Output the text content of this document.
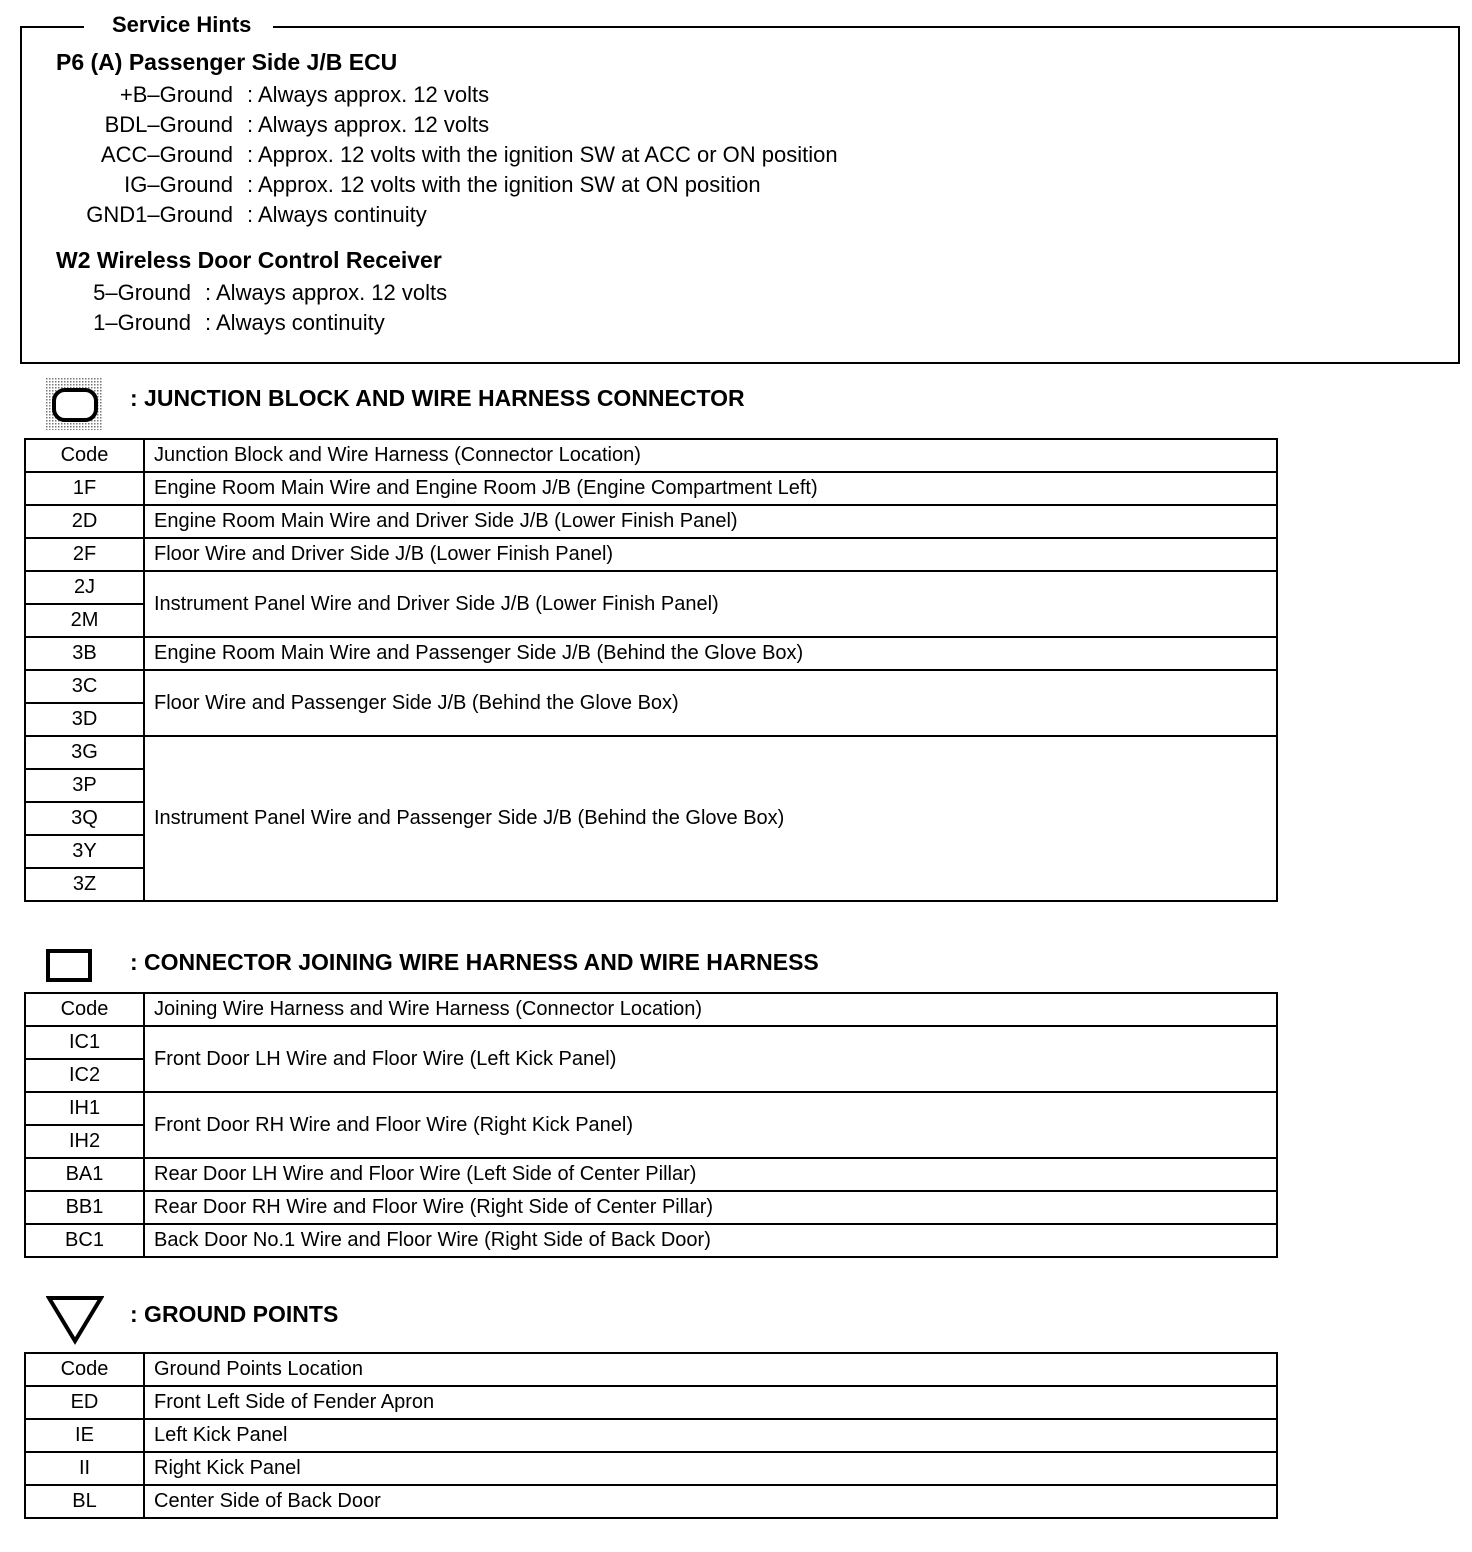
Service Hints
P6 (A) Passenger Side J/B ECU
+B–Ground : Always approx. 12 volts
BDL–Ground : Always approx. 12 volts
ACC–Ground : Approx. 12 volts with the ignition SW at ACC or ON position
IG–Ground : Approx. 12 volts with the ignition SW at ON position
GND1–Ground : Always continuity
W2 Wireless Door Control Receiver
5–Ground : Always approx. 12 volts
1–Ground : Always continuity
: JUNCTION BLOCK AND WIRE HARNESS CONNECTOR
Code	Junction Block and Wire Harness (Connector Location)
1F	Engine Room Main Wire and Engine Room J/B (Engine Compartment Left)
2D	Engine Room Main Wire and Driver Side J/B (Lower Finish Panel)
2F	Floor Wire and Driver Side J/B (Lower Finish Panel)
2J	Instrument Panel Wire and Driver Side J/B (Lower Finish Panel)
2M	
3B	Engine Room Main Wire and Passenger Side J/B (Behind the Glove Box)
3C	Floor Wire and Passenger Side J/B (Behind the Glove Box)
3D	
3G	Instrument Panel Wire and Passenger Side J/B (Behind the Glove Box)
3P	
3Q	
3Y	
3Z	
: CONNECTOR JOINING WIRE HARNESS AND WIRE HARNESS
Code	Joining Wire Harness and Wire Harness (Connector Location)
IC1	Front Door LH Wire and Floor Wire (Left Kick Panel)
IC2	
IH1	Front Door RH Wire and Floor Wire (Right Kick Panel)
IH2	
BA1	Rear Door LH Wire and Floor Wire (Left Side of Center Pillar)
BB1	Rear Door RH Wire and Floor Wire (Right Side of Center Pillar)
BC1	Back Door No.1 Wire and Floor Wire (Right Side of Back Door)
: GROUND POINTS
Code	Ground Points Location
ED	Front Left Side of Fender Apron
IE	Left Kick Panel
II	Right Kick Panel
BL	Center Side of Back Door
